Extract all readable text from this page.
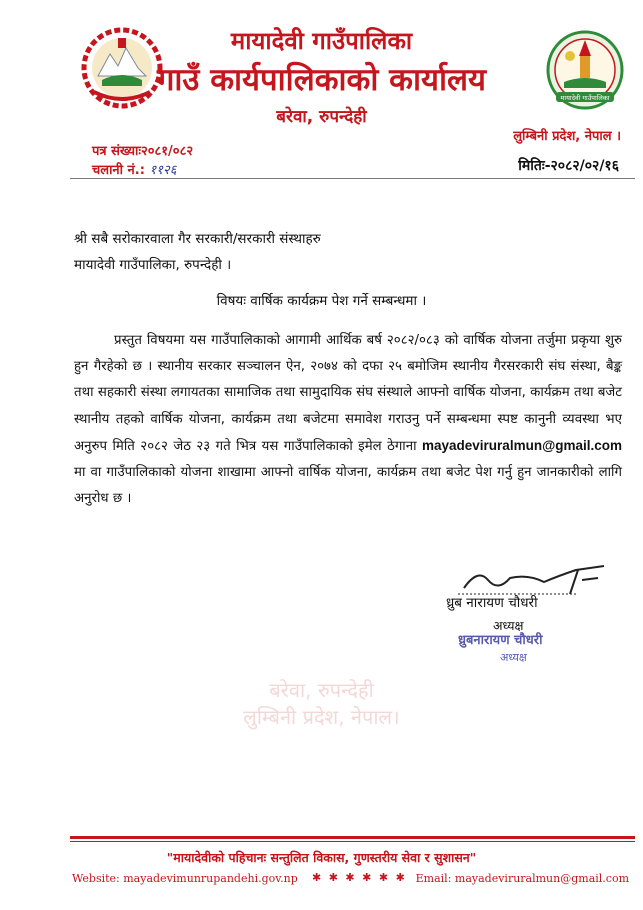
मायादेवी गाउँपालिका
मायादेवी गाउँपालिका
गाउँ कार्यपालिकाको कार्यालय
बरेवा, रुपन्देही
लुम्बिनी प्रदेश, नेपाल ।
पत्र संख्याः२०८१/०८२
चलानी नं.: ११२६	मितिः-२०८२/०२/१६
बरेवा, रुपन्देही
लुम्बिनी प्रदेश, नेपाल।
श्री सबै सरोकारवाला गैर सरकारी/सरकारी संस्थाहरु
मायादेवी गाउँपालिका, रुपन्देही ।
विषयः वार्षिक कार्यक्रम पेश गर्ने सम्बन्धमा ।
प्रस्तुत विषयमा यस गाउँपालिकाको आगामी आर्थिक बर्ष २०८२/०८३ को वार्षिक योजना तर्जुमा प्रकृया शुरु हुन गैरहेको छ । स्थानीय सरकार सञ्चालन ऐन, २०७४ को दफा २५ बमोजिम स्थानीय गैरसरकारी संघ संस्था, बैङ्क तथा सहकारी संस्था लगायतका सामाजिक तथा सामुदायिक संघ संस्थाले आफ्नो वार्षिक योजना, कार्यक्रम तथा बजेट स्थानीय तहको वार्षिक योजना, कार्यक्रम तथा बजेटमा समावेश गराउनु पर्ने सम्बन्धमा स्पष्ट कानुनी व्यवस्था भए अनुरुप मिति २०८२ जेठ २३ गते भित्र यस गाउँपालिकाको इमेल ठेगाना mayadeviruralmun@gmail.com मा वा गाउँपालिकाको योजना शाखामा आफ्नो वार्षिक योजना, कार्यक्रम तथा बजेट पेश गर्नु हुन जानकारीको लागि अनुरोध छ ।
ध्रुब नारायण चौधरी
अध्यक्ष
ध्रुबनारायण चौधरी
अध्यक्ष
"मायादेवीको पहिचानः सन्तुलित विकास, गुणस्तरीय सेवा र सुशासन"
Website: mayadevimunrupandehi.gov.np ✱ ✱ ✱ ✱ ✱ ✱ Email: mayadeviruralmun@gmail.com
